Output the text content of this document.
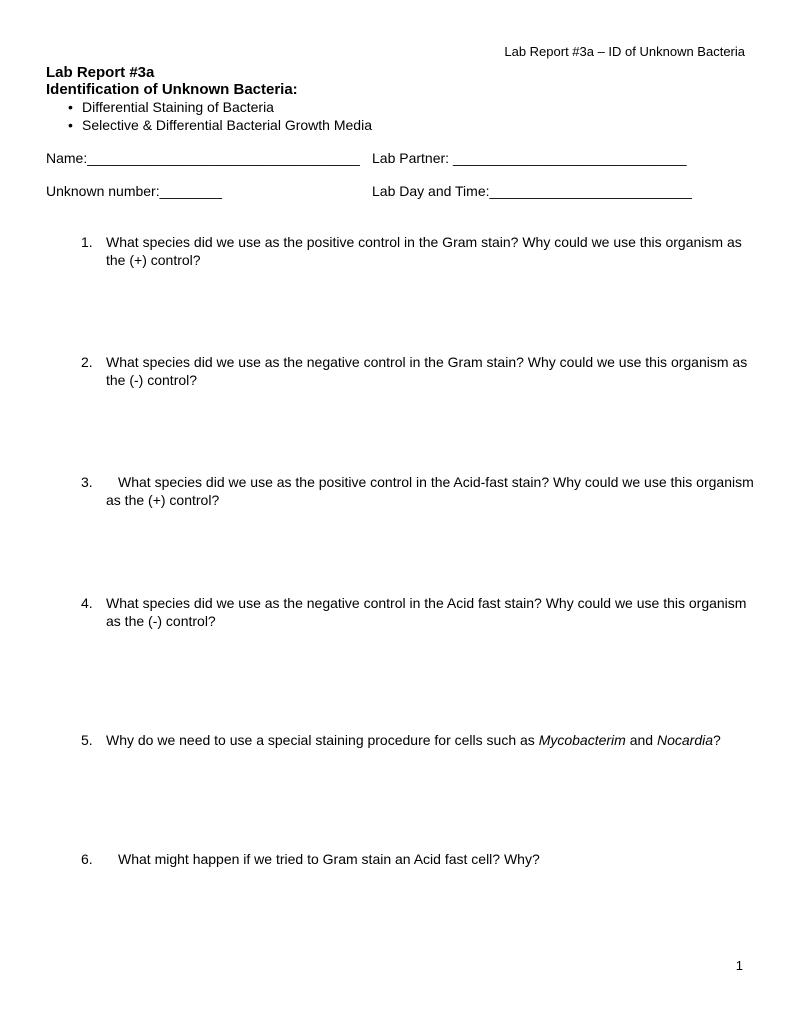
Lab Report #3a – ID of Unknown Bacteria
Lab Report #3a
Identification of Unknown Bacteria:
• Differential Staining of Bacteria
• Selective & Differential Bacterial Growth Media
Name:___________________________________ Lab Partner: ______________________________
Unknown number:________	Lab Day and Time:__________________________
1. What species did we use as the positive control in the Gram stain? Why could we use this organism as the (+) control?
2. What species did we use as the negative control in the Gram stain? Why could we use this organism as the (-) control?
3. What species did we use as the positive control in the Acid-fast stain? Why could we use this organism as the (+) control?
4. What species did we use as the negative control in the Acid fast stain? Why could we use this organism as the (-) control?
5. Why do we need to use a special staining procedure for cells such as Mycobacterim and Nocardia?
6. What might happen if we tried to Gram stain an Acid fast cell? Why?
1
